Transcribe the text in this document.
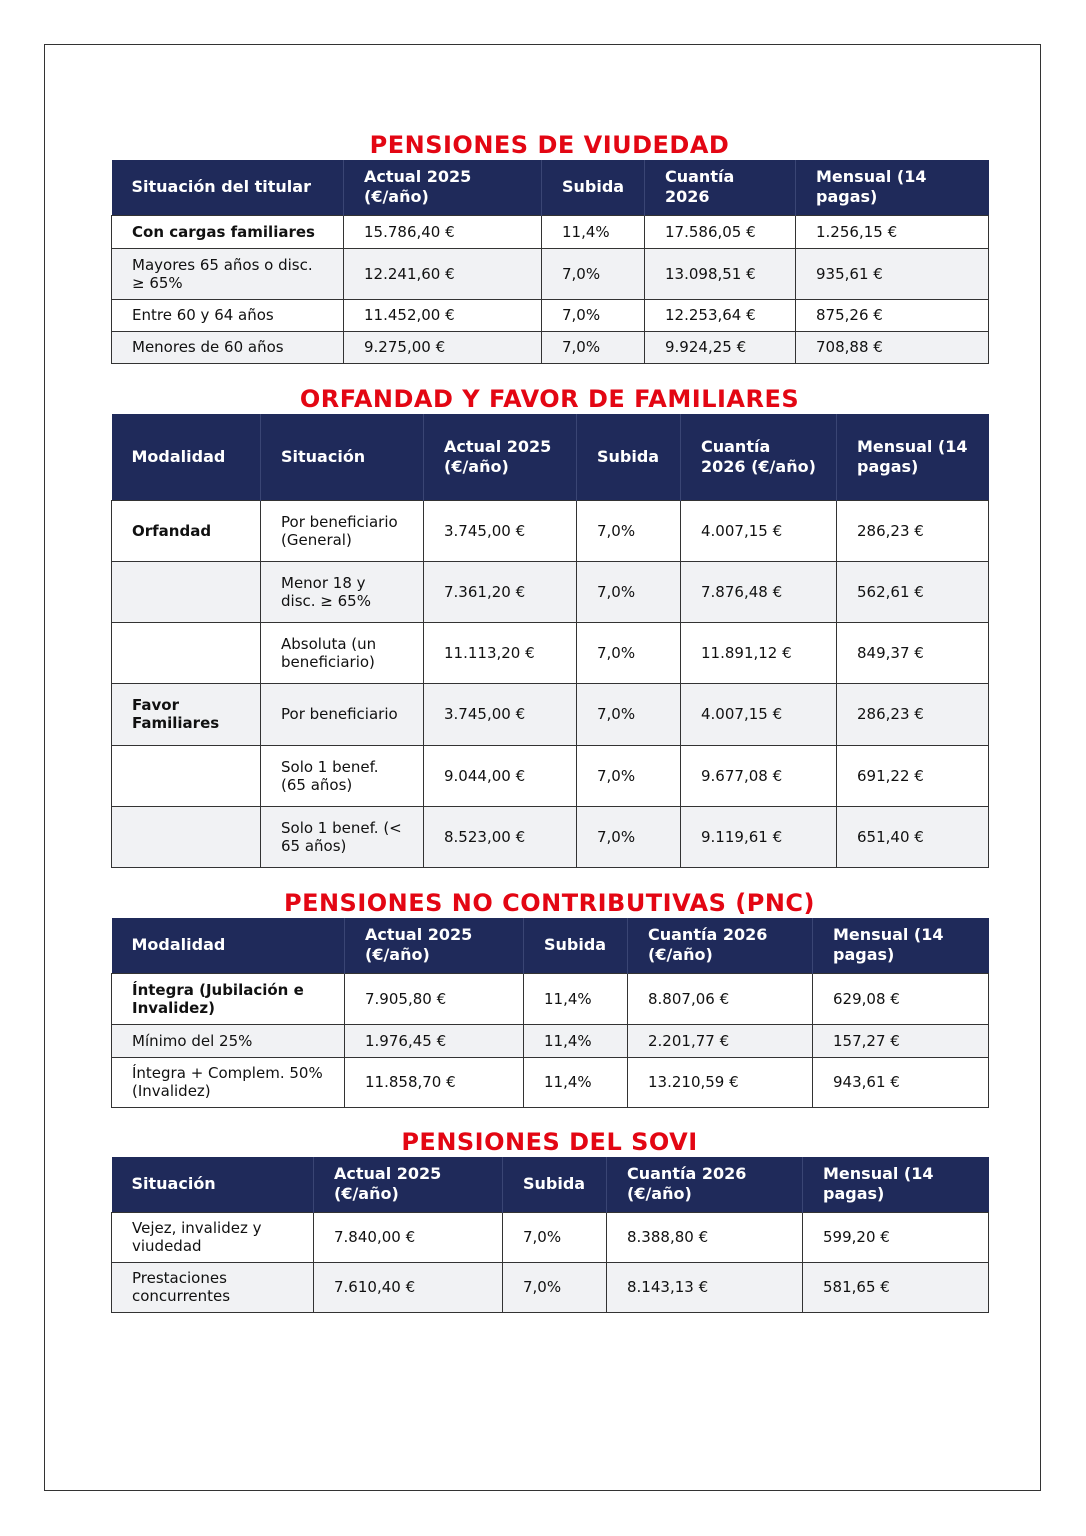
PENSIONES DE VIUDEDAD
Situación del titular	Actual 2025 (€/año)	Subida	Cuantía 2026	Mensual (14 pagas)
Con cargas familiares	15.786,40 €	11,4%	17.586,05 €	1.256,15 €
Mayores 65 años o disc. ≥ 65%	12.241,60 €	7,0%	13.098,51 €	935,61 €
Entre 60 y 64 años	11.452,00 €	7,0%	12.253,64 €	875,26 €
Menores de 60 años	9.275,00 €	7,0%	9.924,25 €	708,88 €
ORFANDAD Y FAVOR DE FAMILIARES
Modalidad	Situación	Actual 2025 (€/año)	Subida	Cuantía 2026 (€/año)	Mensual (14 pagas)
Orfandad	Por beneficiario (General)	3.745,00 €	7,0%	4.007,15 €	286,23 €
	Menor 18 y disc. ≥ 65%	7.361,20 €	7,0%	7.876,48 €	562,61 €
	Absoluta (un beneficiario)	11.113,20 €	7,0%	11.891,12 €	849,37 €
Favor Familiares	Por beneficiario	3.745,00 €	7,0%	4.007,15 €	286,23 €
	Solo 1 benef. (65 años)	9.044,00 €	7,0%	9.677,08 €	691,22 €
	Solo 1 benef. (< 65 años)	8.523,00 €	7,0%	9.119,61 €	651,40 €
PENSIONES NO CONTRIBUTIVAS (PNC)
Modalidad	Actual 2025 (€/año)	Subida	Cuantía 2026 (€/año)	Mensual (14 pagas)
Íntegra (Jubilación e Invalidez)	7.905,80 €	11,4%	8.807,06 €	629,08 €
Mínimo del 25%	1.976,45 €	11,4%	2.201,77 €	157,27 €
Íntegra + Complem. 50% (Invalidez)	11.858,70 €	11,4%	13.210,59 €	943,61 €
PENSIONES DEL SOVI
Situación	Actual 2025 (€/año)	Subida	Cuantía 2026 (€/año)	Mensual (14 pagas)
Vejez, invalidez y viudedad	7.840,00 €	7,0%	8.388,80 €	599,20 €
Prestaciones concurrentes	7.610,40 €	7,0%	8.143,13 €	581,65 €
